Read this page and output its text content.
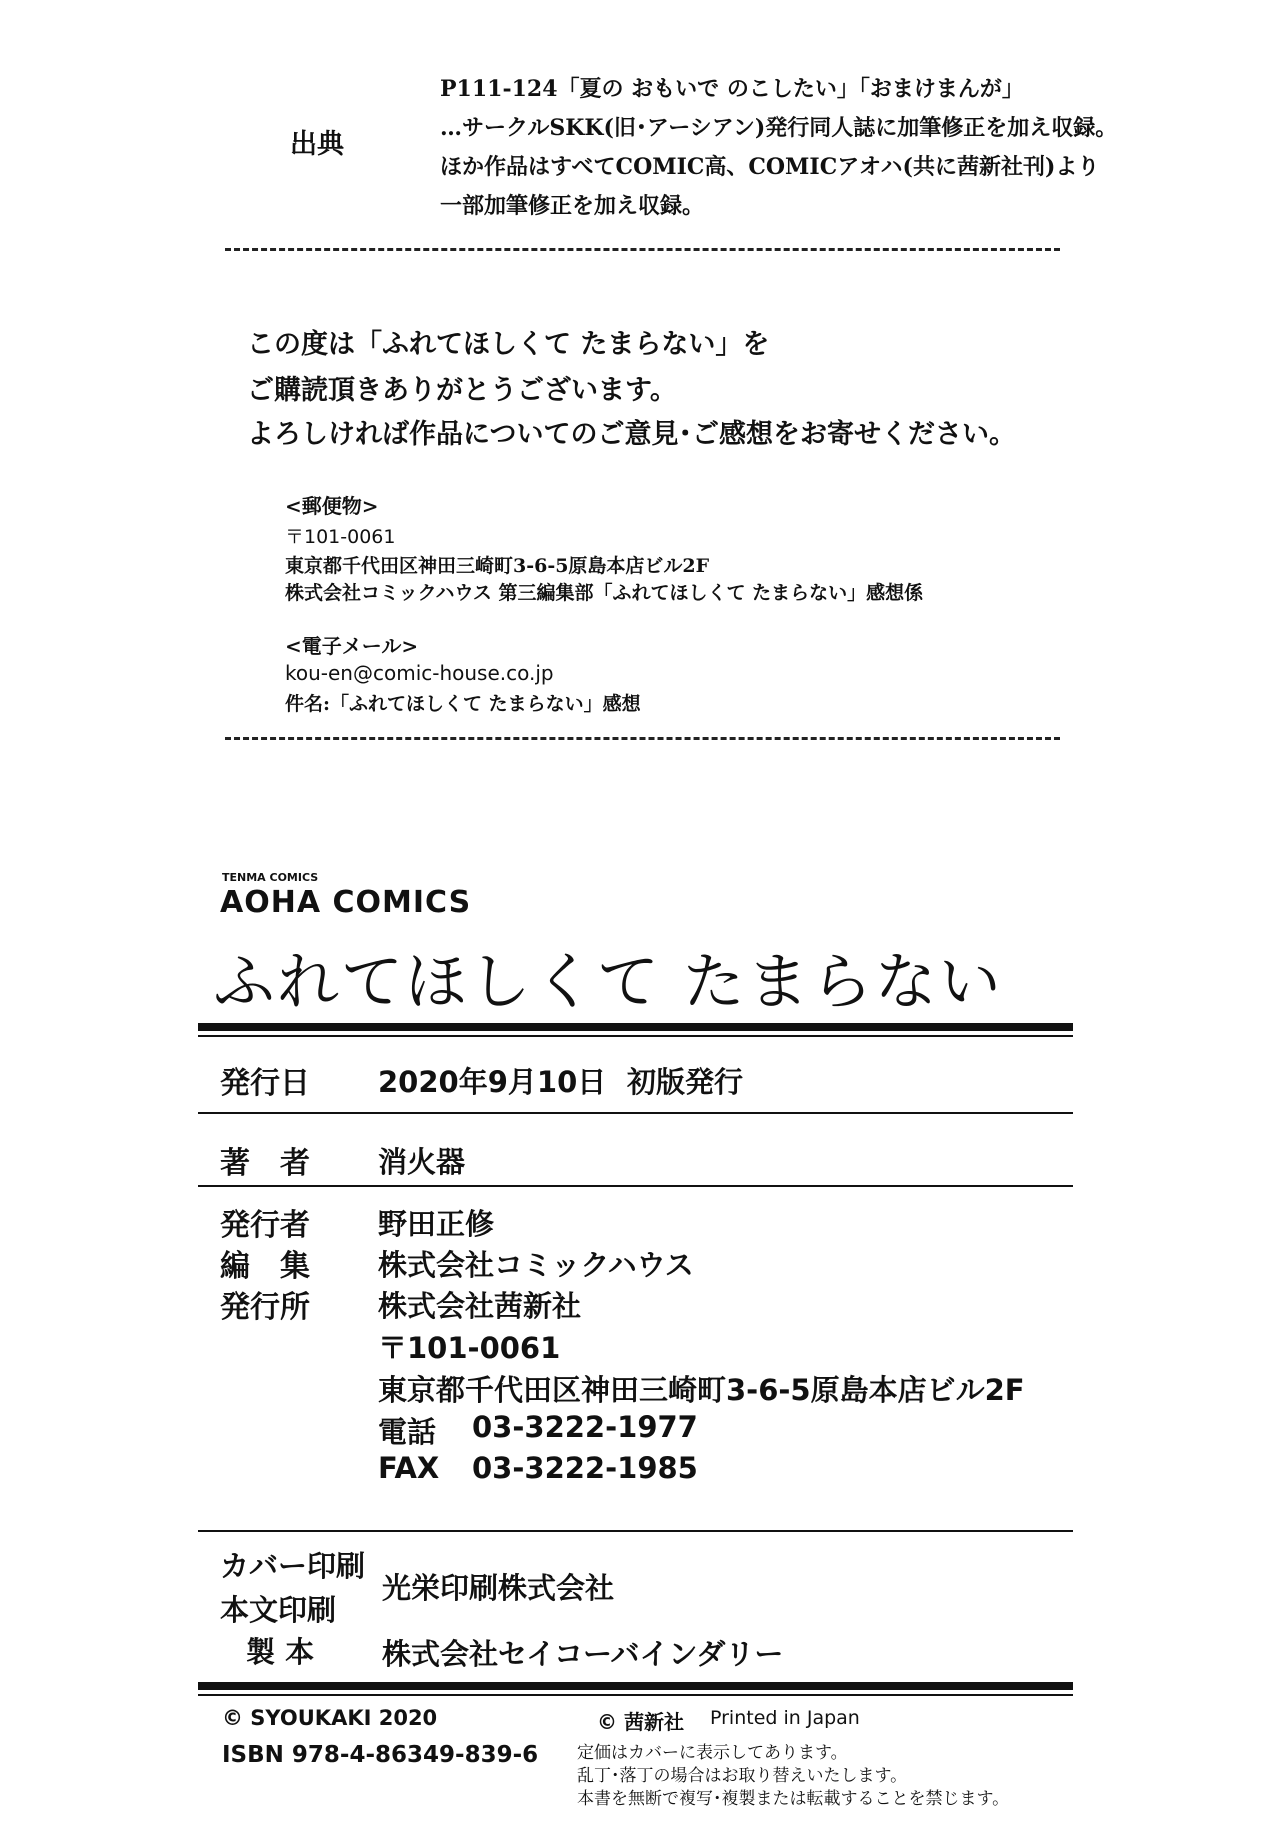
出典
P111-124「夏の おもいで のこしたい」「おまけまんが」
…サークルSKK(旧･アーシアン)発行同人誌に加筆修正を加え収録。
ほか作品はすべてCOMIC高、COMICアオハ(共に茜新社刊)より
一部加筆修正を加え収録。
この度は「ふれてほしくて たまらない」を
ご購読頂きありがとうございます。
よろしければ作品についてのご意見･ご感想をお寄せください。
<郵便物>
〒101-0061
東京都千代田区神田三崎町3-6-5原島本店ビル2F
株式会社コミックハウス 第三編集部「ふれてほしくて たまらない」感想係
<電子メール>
kou-en@comic-house.co.jp
件名:「ふれてほしくて たまらない」感想
TENMA COMICS
AOHA COMICS
ふれてほしくて たまらない
発行日 2020年9月10日 初版発行
著　者 消火器
発行者 野田正修
編　集 株式会社コミックハウス
発行所 株式会社茜新社
〒101-0061
東京都千代田区神田三崎町3-6-5原島本店ビル2F
電話 03-3222-1977
FAX 03-3222-1985
カバー印刷
本文印刷
光栄印刷株式会社
製 本 株式会社セイコーバインダリー
© SYOUKAKI 2020
ISBN 978-4-86349-839-6
© 茜新社 Printed in Japan
定価はカバーに表示してあります。
乱丁･落丁の場合はお取り替えいたします。
本書を無断で複写･複製または転載することを禁じます。
